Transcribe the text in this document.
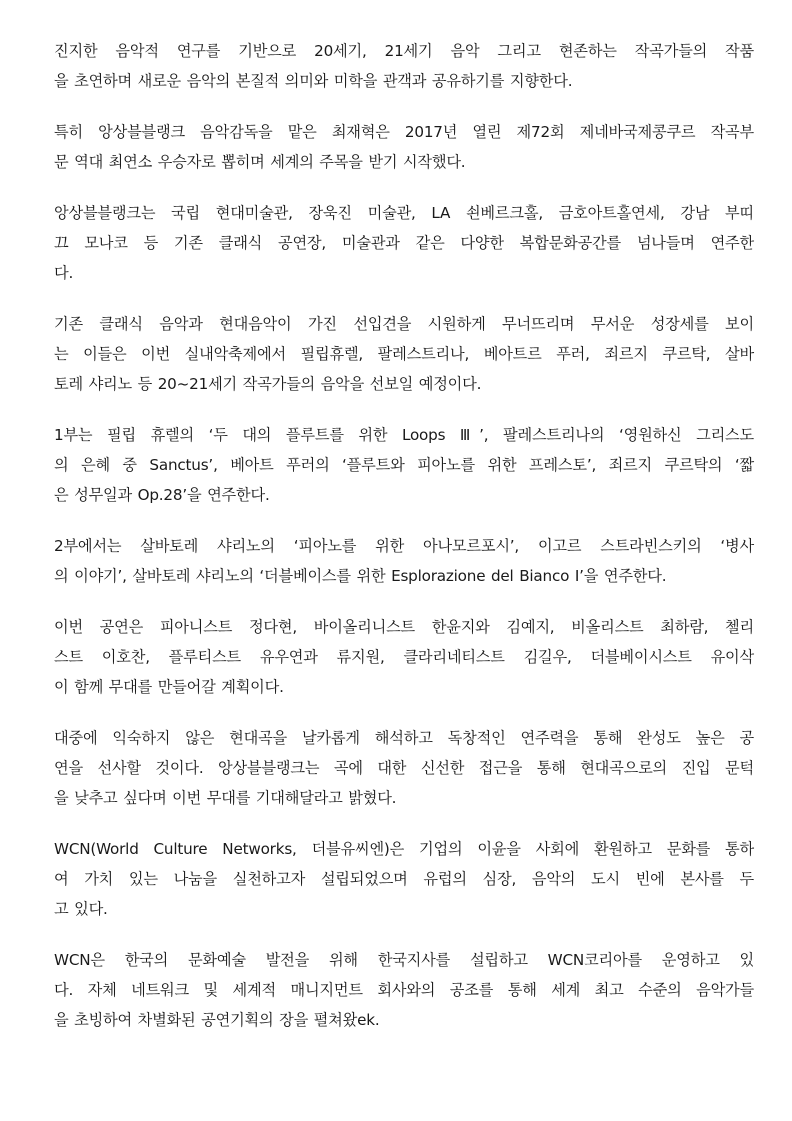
진지한 음악적 연구를 기반으로 20세기, 21세기 음악 그리고 현존하는 작곡가들의 작품
을 초연하며 새로운 음악의 본질적 의미와 미학을 관객과 공유하기를 지향한다.
특히 앙상블블랭크 음악감독을 맡은 최재혁은 2017년 열린 제72회 제네바국제콩쿠르 작곡부
문 역대 최연소 우승자로 뽑히며 세계의 주목을 받기 시작했다.
앙상블블랭크는 국립 현대미술관, 장욱진 미술관, LA 쇤베르크홀, 금호아트홀연세, 강남 부띠
끄 모나코 등 기존 클래식 공연장, 미술관과 같은 다양한 복합문화공간를 넘나들며 연주한
다.
기존 클래식 음악과 현대음악이 가진 선입견을 시원하게 무너뜨리며 무서운 성장세를 보이
는 이들은 이번 실내악축제에서 필립휴렐, 팔레스트리나, 베아트르 푸러, 죄르지 쿠르탁, 살바
토레 샤리노 등 20~21세기 작곡가들의 음악을 선보일 예정이다.
1부는 필립 휴렐의 ‘두 대의 플루트를 위한 Loops Ⅲ’, 팔레스트리나의 ‘영원하신 그리스도
의 은혜 중 Sanctus’, 베아트 푸러의 ‘플루트와 피아노를 위한 프레스토’, 죄르지 쿠르탁의 ‘짧
은 성무일과 Op.28’을 연주한다.
2부에서는 살바토레 샤리노의 ‘피아노를 위한 아나모르포시’, 이고르 스트라빈스키의 ‘병사
의 이야기’, 살바토레 샤리노의 ‘더블베이스를 위한 Esplorazione del Bianco I’을 연주한다.
이번 공연은 피아니스트 정다현, 바이올리니스트 한윤지와 김예지, 비올리스트 최하람, 첼리
스트 이호찬, 플루티스트 유우연과 류지원, 클라리네티스트 김길우, 더블베이시스트 유이삭
이 함께 무대를 만들어갈 계획이다.
대중에 익숙하지 않은 현대곡을 날카롭게 해석하고 독창적인 연주력을 통해 완성도 높은 공
연을 선사할 것이다. 앙상블블랭크는 곡에 대한 신선한 접근을 통해 현대곡으로의 진입 문턱
을 낮추고 싶다며 이번 무대를 기대해달라고 밝혔다.
WCN(World Culture Networks, 더블유씨엔)은 기업의 이윤을 사회에 환원하고 문화를 통하
여 가치 있는 나눔을 실천하고자 설립되었으며 유럽의 심장, 음악의 도시 빈에 본사를 두
고 있다.
WCN은 한국의 문화예술 발전을 위해 한국지사를 설립하고 WCN코리아를 운영하고 있
다. 자체 네트워크 및 세계적 매니지먼트 회사와의 공조를 통해 세계 최고 수준의 음악가들
을 초빙하여 차별화된 공연기획의 장을 펼쳐왔ek.
